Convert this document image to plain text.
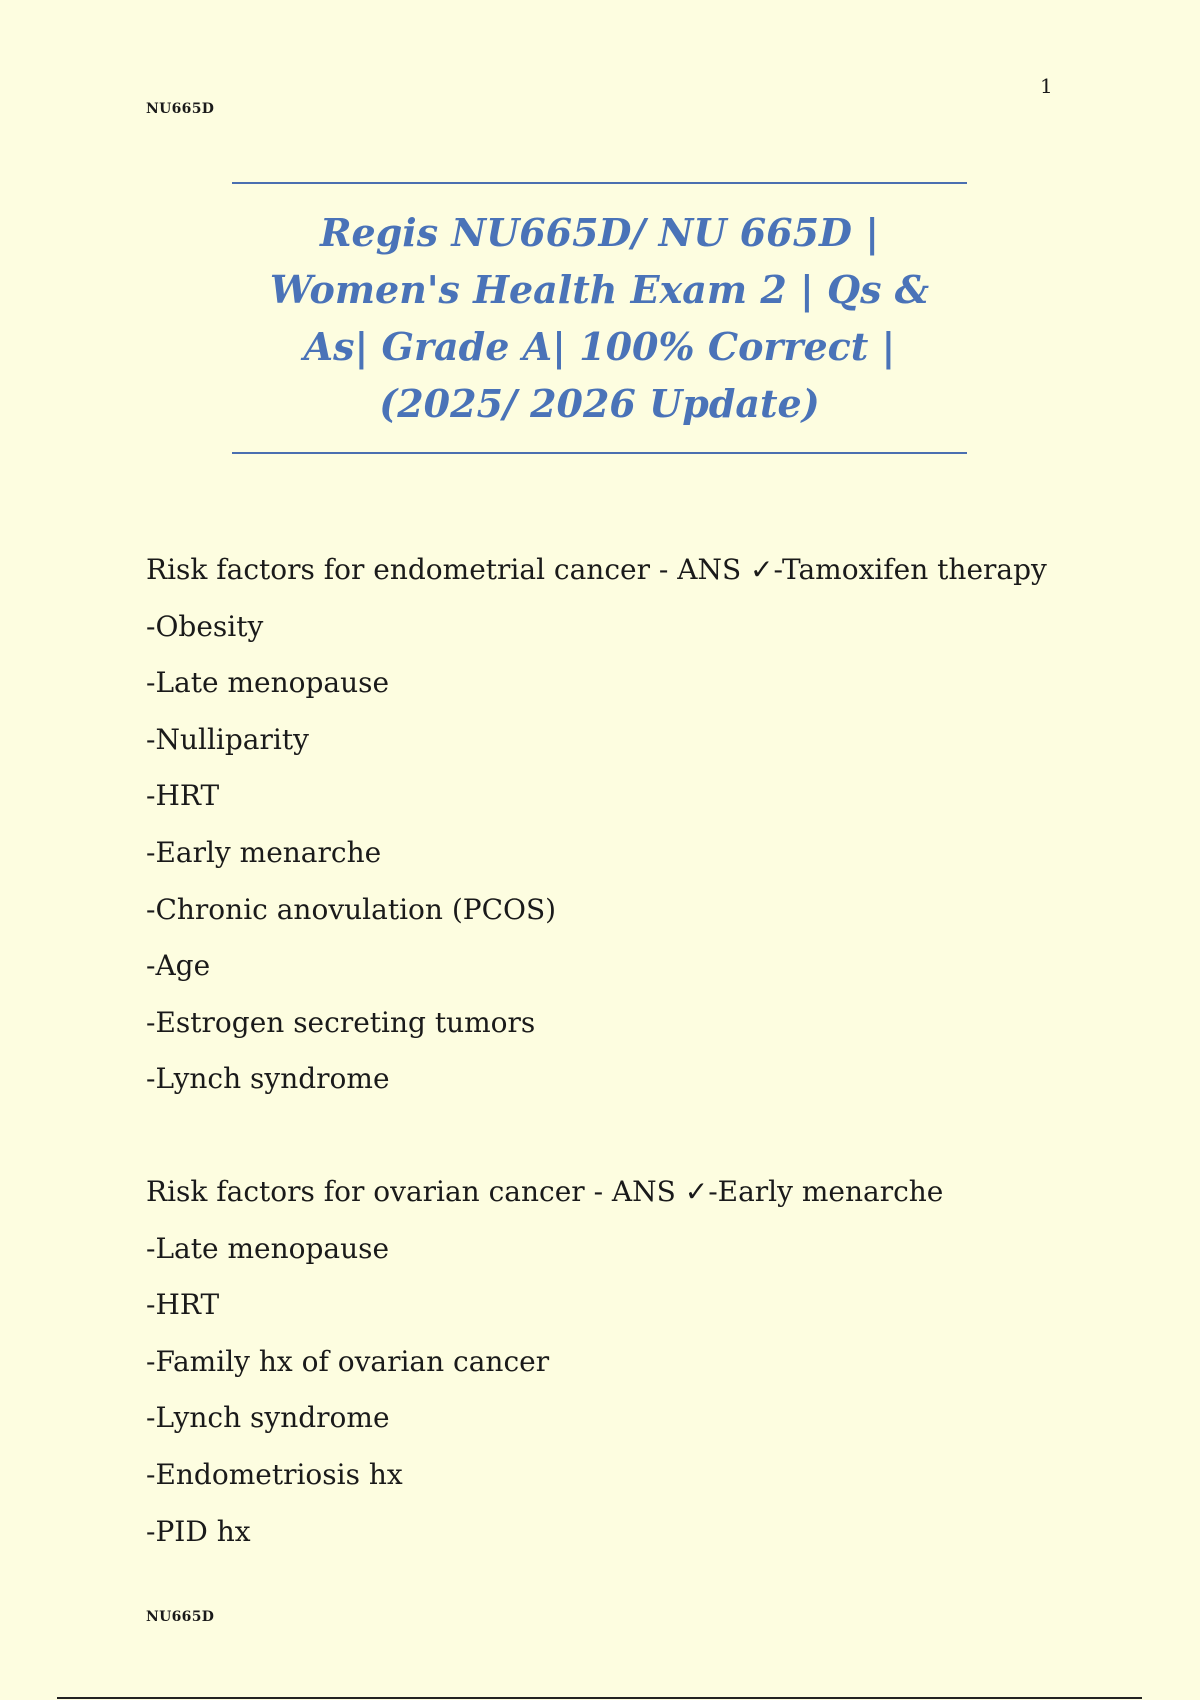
1
NU665D
Regis NU665D/ NU 665D | Women's Health Exam 2 | Qs & As| Grade A| 100% Correct |(2025/ 2026 Update)
Risk factors for endometrial cancer - ANS ✓-Tamoxifen therapy
-Obesity
-Late menopause
-Nulliparity
-HRT
-Early menarche
-Chronic anovulation (PCOS)
-Age
-Estrogen secreting tumors
-Lynch syndrome
Risk factors for ovarian cancer - ANS ✓-Early menarche
-Late menopause
-HRT
-Family hx of ovarian cancer
-Lynch syndrome
-Endometriosis hx
-PID hx
NU665D
